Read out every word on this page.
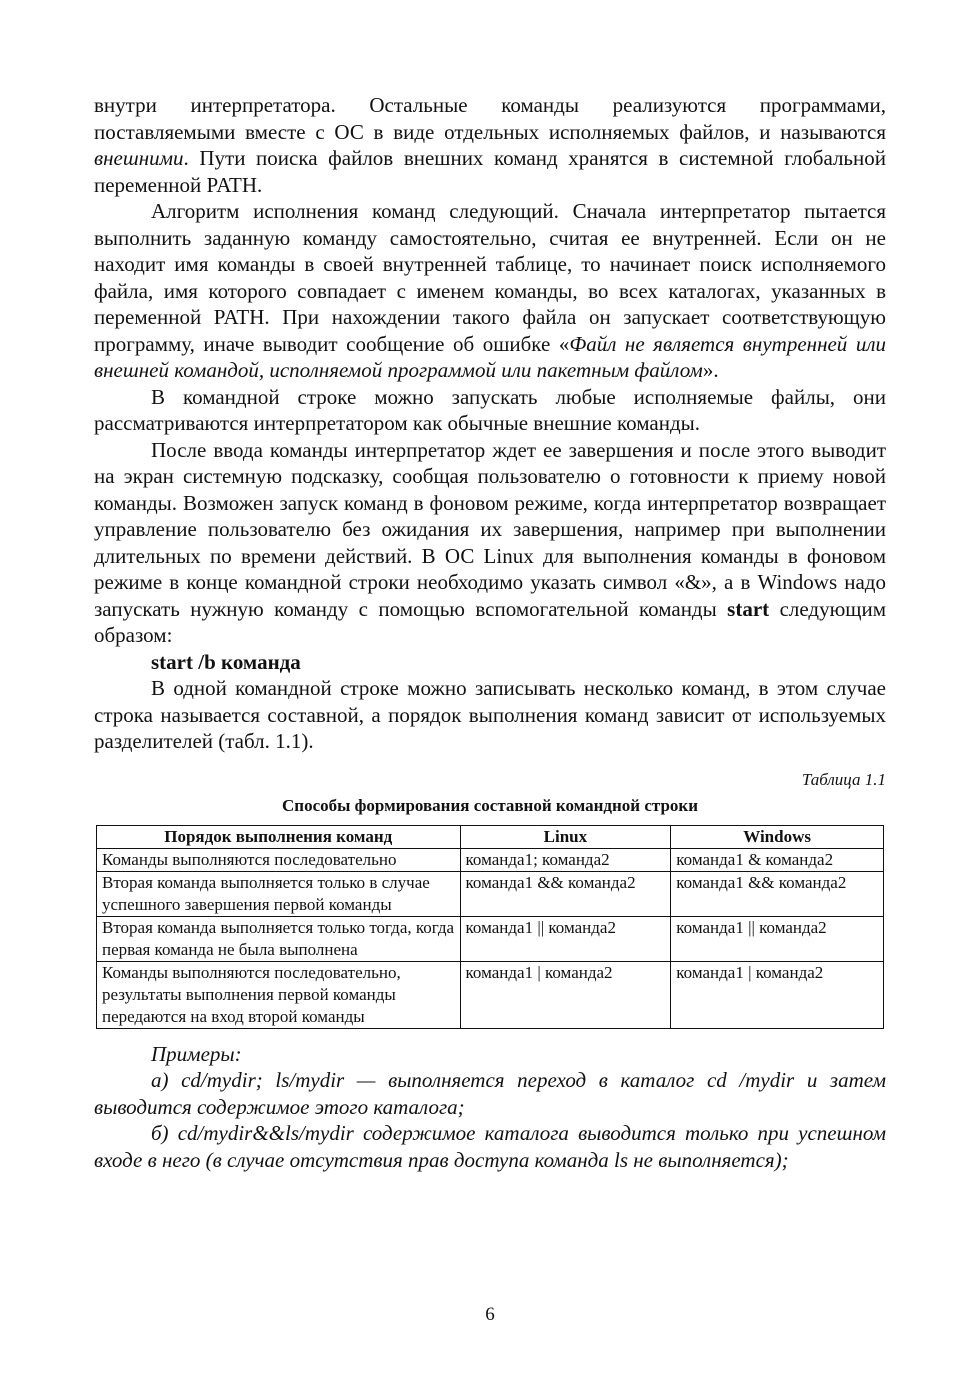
внутри интерпретатора. Остальные команды реализуются программами, поставляемыми вместе с ОС в виде отдельных исполняемых файлов, и называются внешними. Пути поиска файлов внешних команд хранятся в системной глобальной переменной PATH.

Алгоритм исполнения команд следующий. Сначала интерпретатор пытается выполнить заданную команду самостоятельно, считая ее внутренней. Если он не находит имя команды в своей внутренней таблице, то начинает поиск исполняемого файла, имя которого совпадает с именем команды, во всех каталогах, указанных в переменной PATH. При нахождении такого файла он запускает соответствующую программу, иначе выводит сообщение об ошибке «Файл не является внутренней или внешней командой, исполняемой программой или пакетным файлом».

В командной строке можно запускать любые исполняемые файлы, они рассматриваются интерпретатором как обычные внешние команды.

После ввода команды интерпретатор ждет ее завершения и после этого выводит на экран системную подсказку, сообщая пользователю о готовности к приему новой команды. Возможен запуск команд в фоновом режиме, когда интерпретатор возвращает управление пользователю без ожидания их завершения, например при выполнении длительных по времени действий. В ОС Linux для выполнения команды в фоновом режиме в конце командной строки необходимо указать символ «&», а в Windows надо запускать нужную команду с помощью вспомогательной команды start следующим образом:

start /b команда

В одной командной строке можно записывать несколько команд, в этом случае строка называется составной, а порядок выполнения команд зависит от используемых разделителей (табл. 1.1).

Таблица 1.1
Способы формирования составной командной строки
Порядок выполнения команд	Linux	Windows
Команды выполняются последовательно	команда1; команда2	команда1 & команда2
Вторая команда выполняется только в случае успешного завершения первой команды	команда1 && команда2	команда1 && команда2
Вторая команда выполняется только тогда, когда первая команда не была выполнена	команда1 || команда2	команда1 || команда2
Команды выполняются последовательно, результаты выполнения первой команды передаются на вход второй команды	команда1 | команда2	команда1 | команда2

Примеры:

а) cd/mydir; ls/mydir — выполняется переход в каталог cd /mydir и затем выводится содержимое этого каталога;

б) cd/mydir&&ls/mydir содержимое каталога выводится только при успешном входе в него (в случае отсутствия прав доступа команда ls не выполняется);

6
